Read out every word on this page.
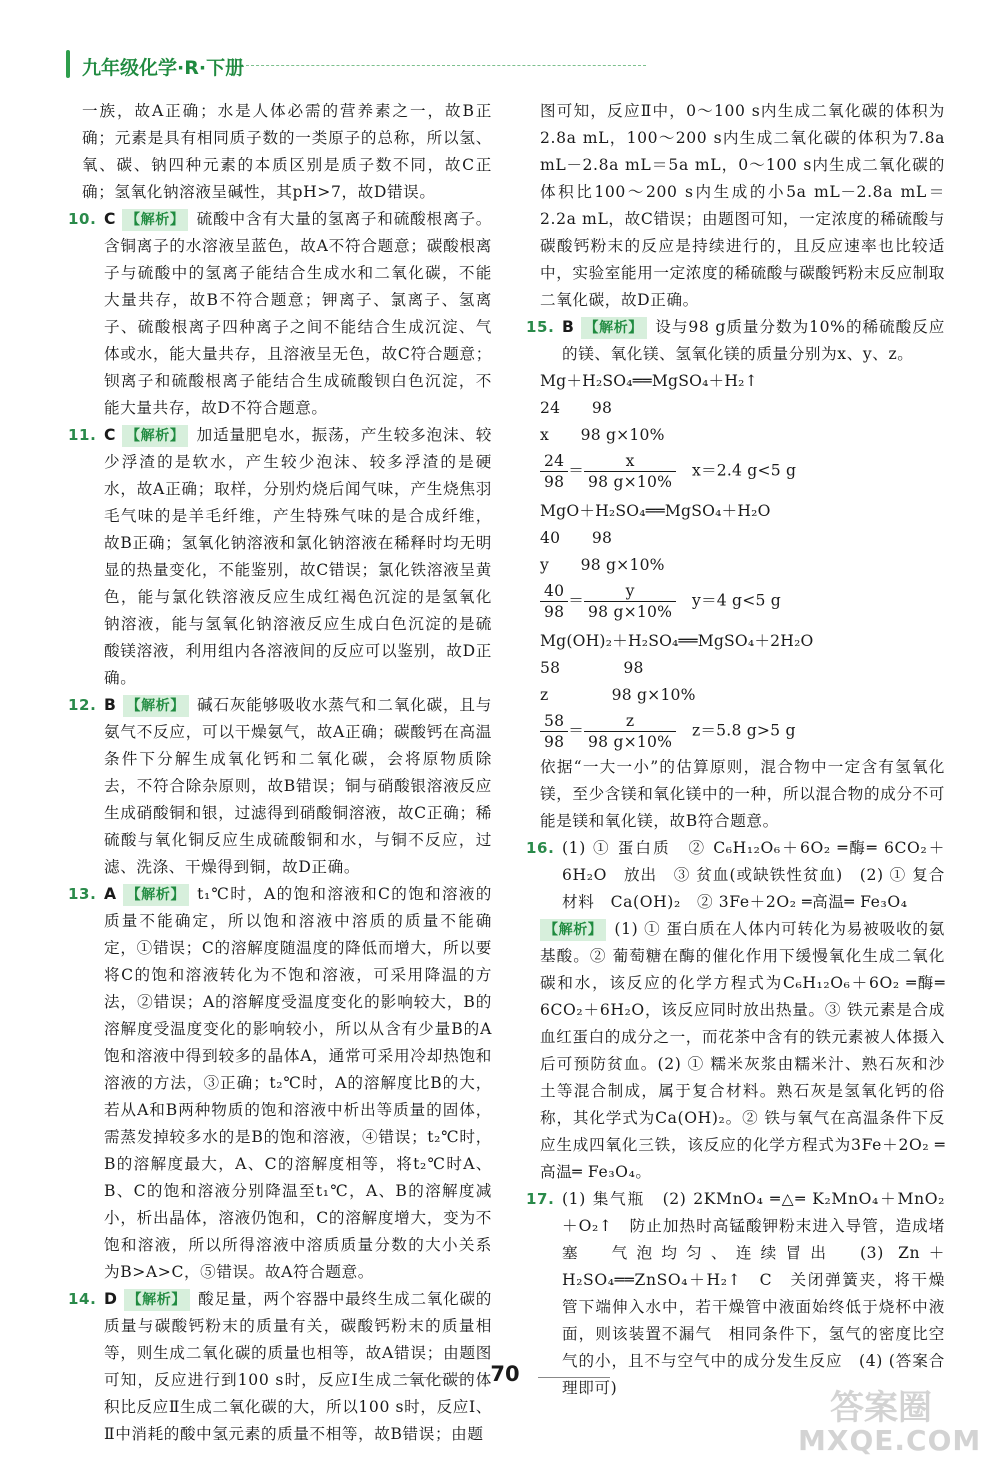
九年级化学·R·下册

一族，故A正确；水是人体必需的营养素之一，故B正确；元素是具有相同质子数的一类原子的总称，所以氢、氧、碳、钠四种元素的本质区别是质子数不同，故C正确；氢氧化钠溶液呈碱性，其pH>7，故D错误。

10. C 【解析】 硫酸中含有大量的氢离子和硫酸根离子。含铜离子的水溶液呈蓝色，故A不符合题意；碳酸根离子与硫酸中的氢离子能结合生成水和二氧化碳，不能大量共存，故B不符合题意；钾离子、氯离子、氢离子、硫酸根离子四种离子之间不能结合生成沉淀、气体或水，能大量共存，且溶液呈无色，故C符合题意；钡离子和硫酸根离子能结合生成硫酸钡白色沉淀，不能大量共存，故D不符合题意。

11. C 【解析】 加适量肥皂水，振荡，产生较多泡沫、较少浮渣的是软水，产生较少泡沫、较多浮渣的是硬水，故A正确；取样，分别灼烧后闻气味，产生烧焦羽毛气味的是羊毛纤维，产生特殊气味的是合成纤维，故B正确；氢氧化钠溶液和氯化钠溶液在稀释时均无明显的热量变化，不能鉴别，故C错误；氯化铁溶液呈黄色，能与氯化铁溶液反应生成红褐色沉淀的是氢氧化钠溶液，能与氢氧化钠溶液反应生成白色沉淀的是硫酸镁溶液，利用组内各溶液间的反应可以鉴别，故D正确。

12. B 【解析】 碱石灰能够吸收水蒸气和二氧化碳，且与氨气不反应，可以干燥氨气，故A正确；碳酸钙在高温条件下分解生成氧化钙和二氧化碳，会将原物质除去，不符合除杂原则，故B错误；铜与硝酸银溶液反应生成硝酸铜和银，过滤得到硝酸铜溶液，故C正确；稀硫酸与氧化铜反应生成硫酸铜和水，与铜不反应，过滤、洗涤、干燥得到铜，故D正确。

13. A 【解析】 t₁℃时，A的饱和溶液和C的饱和溶液的质量不能确定，所以饱和溶液中溶质的质量不能确定，①错误；C的溶解度随温度的降低而增大，所以要将C的饱和溶液转化为不饱和溶液，可采用降温的方法，②错误；A的溶解度受温度变化的影响较大，B的溶解度受温度变化的影响较小，所以从含有少量B的A饱和溶液中得到较多的晶体A，通常可采用冷却热饱和溶液的方法，③正确；t₂℃时，A的溶解度比B的大，若从A和B两种物质的饱和溶液中析出等质量的固体，需蒸发掉较多水的是B的饱和溶液，④错误；t₂℃时，B的溶解度最大，A、C的溶解度相等，将t₂℃时A、B、C的饱和溶液分别降温至t₁℃，A、B的溶解度减小，析出晶体，溶液仍饱和，C的溶解度增大，变为不饱和溶液，所以所得溶液中溶质质量分数的大小关系为B>A>C，⑤错误。故A符合题意。

14. D 【解析】 酸足量，两个容器中最终生成二氧化碳的质量与碳酸钙粉末的质量有关，碳酸钙粉末的质量相等，则生成二氧化碳的质量也相等，故A错误；由题图可知，反应进行到100 s时，反应Ⅰ生成二氧化碳的体积比反应Ⅱ生成二氧化碳的大，所以100 s时，反应Ⅰ、Ⅱ中消耗的酸中氢元素的质量不相等，故B错误；由题

图可知，反应Ⅱ中，0～100 s内生成二氧化碳的体积为2.8a mL，100～200 s内生成二氧化碳的体积为7.8a mL－2.8a mL＝5a mL，0～100 s内生成二氧化碳的体积比100～200 s内生成的小5a mL－2.8a mL＝2.2a mL，故C错误；由题图可知，一定浓度的稀硫酸与碳酸钙粉末的反应是持续进行的，且反应速率也比较适中，实验室能用一定浓度的稀硫酸与碳酸钙粉末反应制取二氧化碳，故D正确。

15. B 【解析】 设与98 g质量分数为10%的稀硫酸反应的镁、氧化镁、氢氧化镁的质量分别为x、y、z。

Mg＋H₂SO₄══MgSO₄＋H₂↑

24　　98

x　　98 g×10%

$\frac{24}{98} = \frac{x}{98 g\times 10\%}$
　 x＝2.4 g<5 g

MgO＋H₂SO₄══MgSO₄＋H₂O

40　　98

y　　98 g×10%

$\frac{40}{98} = \frac{y}{98 g\times 10\%}$
　 y＝4 g<5 g

Mg(OH)₂＋H₂SO₄══MgSO₄＋2H₂O

58　　　　98

z　　　　98 g×10%

$\frac{58}{98} = \frac{z}{98 g\times 10\%}$
　 z＝5.8 g>5 g

依据“一大一小”的估算原则，混合物中一定含有氢氧化镁，至少含镁和氧化镁中的一种，所以混合物的成分不可能是镁和氧化镁，故B符合题意。

16. (1) ① 蛋白质　② C₆H₁₂O₆＋6O₂ ═酶═ 6CO₂＋6H₂O　放出　③ 贫血(或缺铁性贫血)　(2) ① 复合材料　Ca(OH)₂　② 3Fe＋2O₂ ═高温═ Fe₃O₄

【解析】 (1) ① 蛋白质在人体内可转化为易被吸收的氨基酸。② 葡萄糖在酶的催化作用下缓慢氧化生成二氧化碳和水，该反应的化学方程式为C₆H₁₂O₆＋6O₂ ═酶═ 6CO₂＋6H₂O，该反应同时放出热量。③ 铁元素是合成血红蛋白的成分之一，而花茶中含有的铁元素被人体摄入后可预防贫血。(2) ① 糯米灰浆由糯米汁、熟石灰和沙土等混合制成，属于复合材料。熟石灰是氢氧化钙的俗称，其化学式为Ca(OH)₂。② 铁与氧气在高温条件下反应生成四氧化三铁，该反应的化学方程式为3Fe＋2O₂ ═高温═ Fe₃O₄。

17. (1) 集气瓶　(2) 2KMnO₄ ═△═ K₂MnO₄＋MnO₂＋O₂↑　防止加热时高锰酸钾粉末进入导管，造成堵塞　气泡均匀、连续冒出　(3) Zn＋H₂SO₄══ZnSO₄＋H₂↑　C　关闭弹簧夹，将干燥管下端伸入水中，若干燥管中液面始终低于烧杯中液面，则该装置不漏气　相同条件下，氢气的密度比空气的小，且不与空气中的成分发生反应　(4) (答案合理即可)

70
答案圈
MXQE.COM
